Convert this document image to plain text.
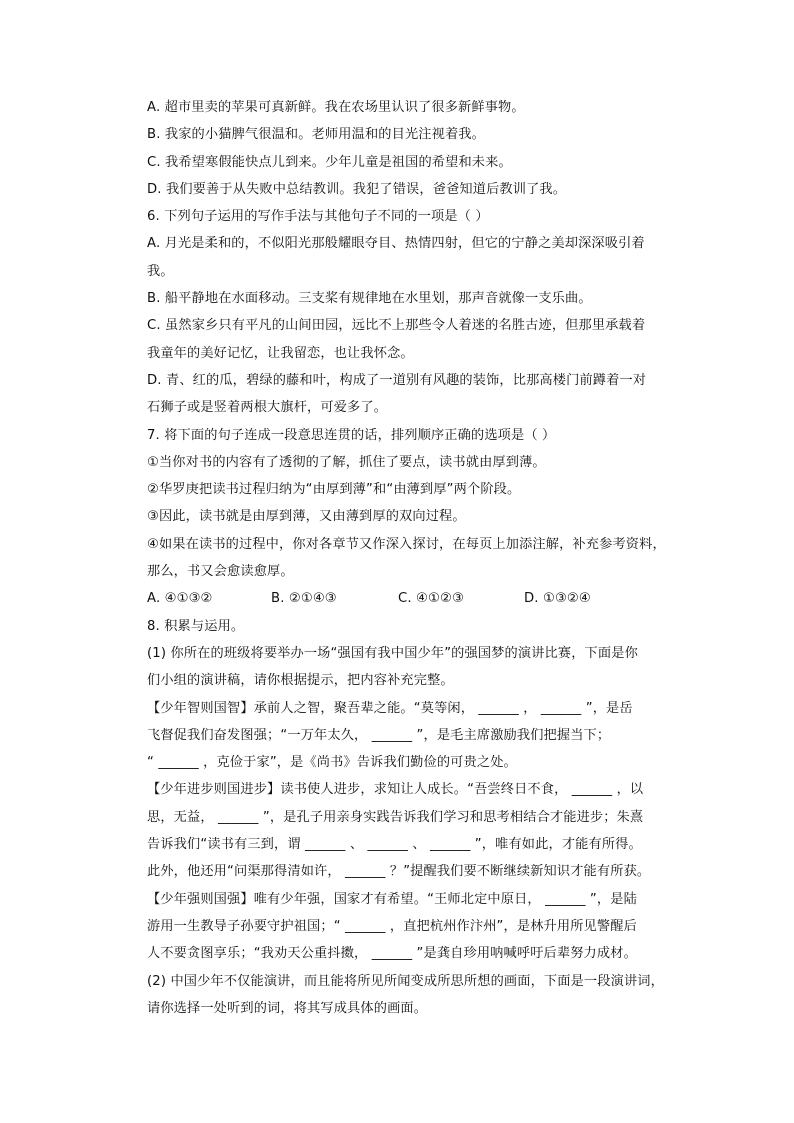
A. 超市里卖的苹果可真新鲜。我在农场里认识了很多新鲜事物。
B. 我家的小猫脾气很温和。老师用温和的目光注视着我。
C. 我希望寒假能快点儿到来。少年儿童是祖国的希望和未来。
D. 我们要善于从失败中总结教训。我犯了错误，爸爸知道后教训了我。
6. 下列句子运用的写作手法与其他句子不同的一项是（ ）
A. 月光是柔和的，不似阳光那般耀眼夺目、热情四射，但它的宁静之美却深深吸引着
我。
B. 船平静地在水面移动。三支桨有规律地在水里划，那声音就像一支乐曲。
C. 虽然家乡只有平凡的山间田园，远比不上那些令人着迷的名胜古迹，但那里承载着
我童年的美好记忆，让我留恋，也让我怀念。
D. 青、红的瓜，碧绿的藤和叶，构成了一道别有风趣的装饰，比那高楼门前蹲着一对
石狮子或是竖着两根大旗杆，可爱多了。
7. 将下面的句子连成一段意思连贯的话，排列顺序正确的选项是（ ）
①当你对书的内容有了透彻的了解，抓住了要点，读书就由厚到薄。
②华罗庚把读书过程归纳为“由厚到薄”和“由薄到厚”两个阶段。
③因此，读书就是由厚到薄，又由薄到厚的双向过程。
④如果在读书的过程中，你对各章节又作深入探讨，在每页上加添注解，补充参考资料，
那么，书又会愈读愈厚。
A. ④①③②	B. ②①④③	C. ④①②③	D. ①③②④
8. 积累与运用。
(1) 你所在的班级将要举办一场“强国有我中国少年”的强国梦的演讲比赛，下面是你
们小组的演讲稿，请你根据提示，把内容补充完整。
【少年智则国智】承前人之智，聚吾辈之能。“莫等闲， ______ ， ______ ”，是岳
飞督促我们奋发图强；“一万年太久， ______ ”，是毛主席激励我们把握当下；
“ ______ ，克俭于家”，是《尚书》告诉我们勤俭的可贵之处。
【少年进步则国进步】读书使人进步，求知让人成长。“吾尝终日不食， ______ ，以
思，无益， ______ ”，是孔子用亲身实践告诉我们学习和思考相结合才能进步；朱熹
告诉我们“读书有三到，谓 ______ 、 ______ 、 ______ ”，唯有如此，才能有所得。
此外，他还用“问渠那得清如许， ______ ？”提醒我们要不断继续新知识才能有所获。
【少年强则国强】唯有少年强，国家才有希望。“王师北定中原日， ______ ”，是陆
游用一生教导子孙要守护祖国；“ ______ ，直把杭州作汴州”，是林升用所见警醒后
人不要贪图享乐；“我劝天公重抖擞， ______ ”是龚自珍用呐喊呼吁后辈努力成材。
(2) 中国少年不仅能演讲，而且能将所见所闻变成所思所想的画面，下面是一段演讲词，
请你选择一处听到的词，将其写成具体的画面。
